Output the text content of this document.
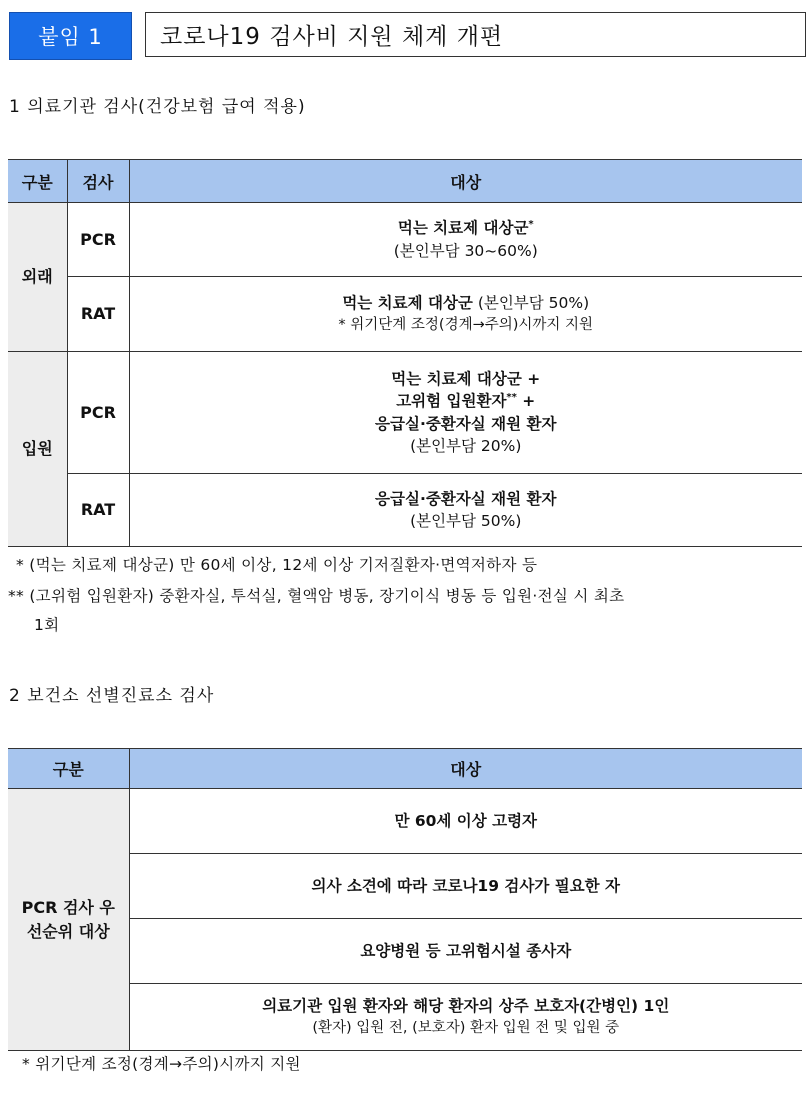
붙임 1	코로나19 검사비 지원 체계 개편
1 의료기관 검사(건강보험 급여 적용)
구분	검사	대상
외래	PCR	먹는 치료제 대상군*
(본인부담 30~60%)

	RAT	먹는 치료제 대상군 (본인부담 50%)
* 위기단계 조정(경계→주의)시까지 지원

입원	PCR	먹는 치료제 대상군 +
고위험 입원환자** +
응급실·중환자실 재원 환자
(본인부담 20%)

	RAT	응급실·중환자실 재원 환자
(본인부담 50%)
* (먹는 치료제 대상군) 만 60세 이상, 12세 이상 기저질환자·면역저하자 등
** (고위험 입원환자) 중환자실, 투석실, 혈액암 병동, 장기이식 병동 등 입원·전실 시 최초
1회
2 보건소 선별진료소 검사
구분	대상

PCR 검사 우
선순위 대상	만 60세 이상 고령자
	의사 소견에 따라 코로나19 검사가 필요한 자
	요양병원 등 고위험시설 종사자

	의료기관 입원 환자와 해당 환자의 상주 보호자(간병인) 1인
(환자) 입원 전, (보호자) 환자 입원 전 및 입원 중
* 위기단계 조정(경계→주의)시까지 지원
